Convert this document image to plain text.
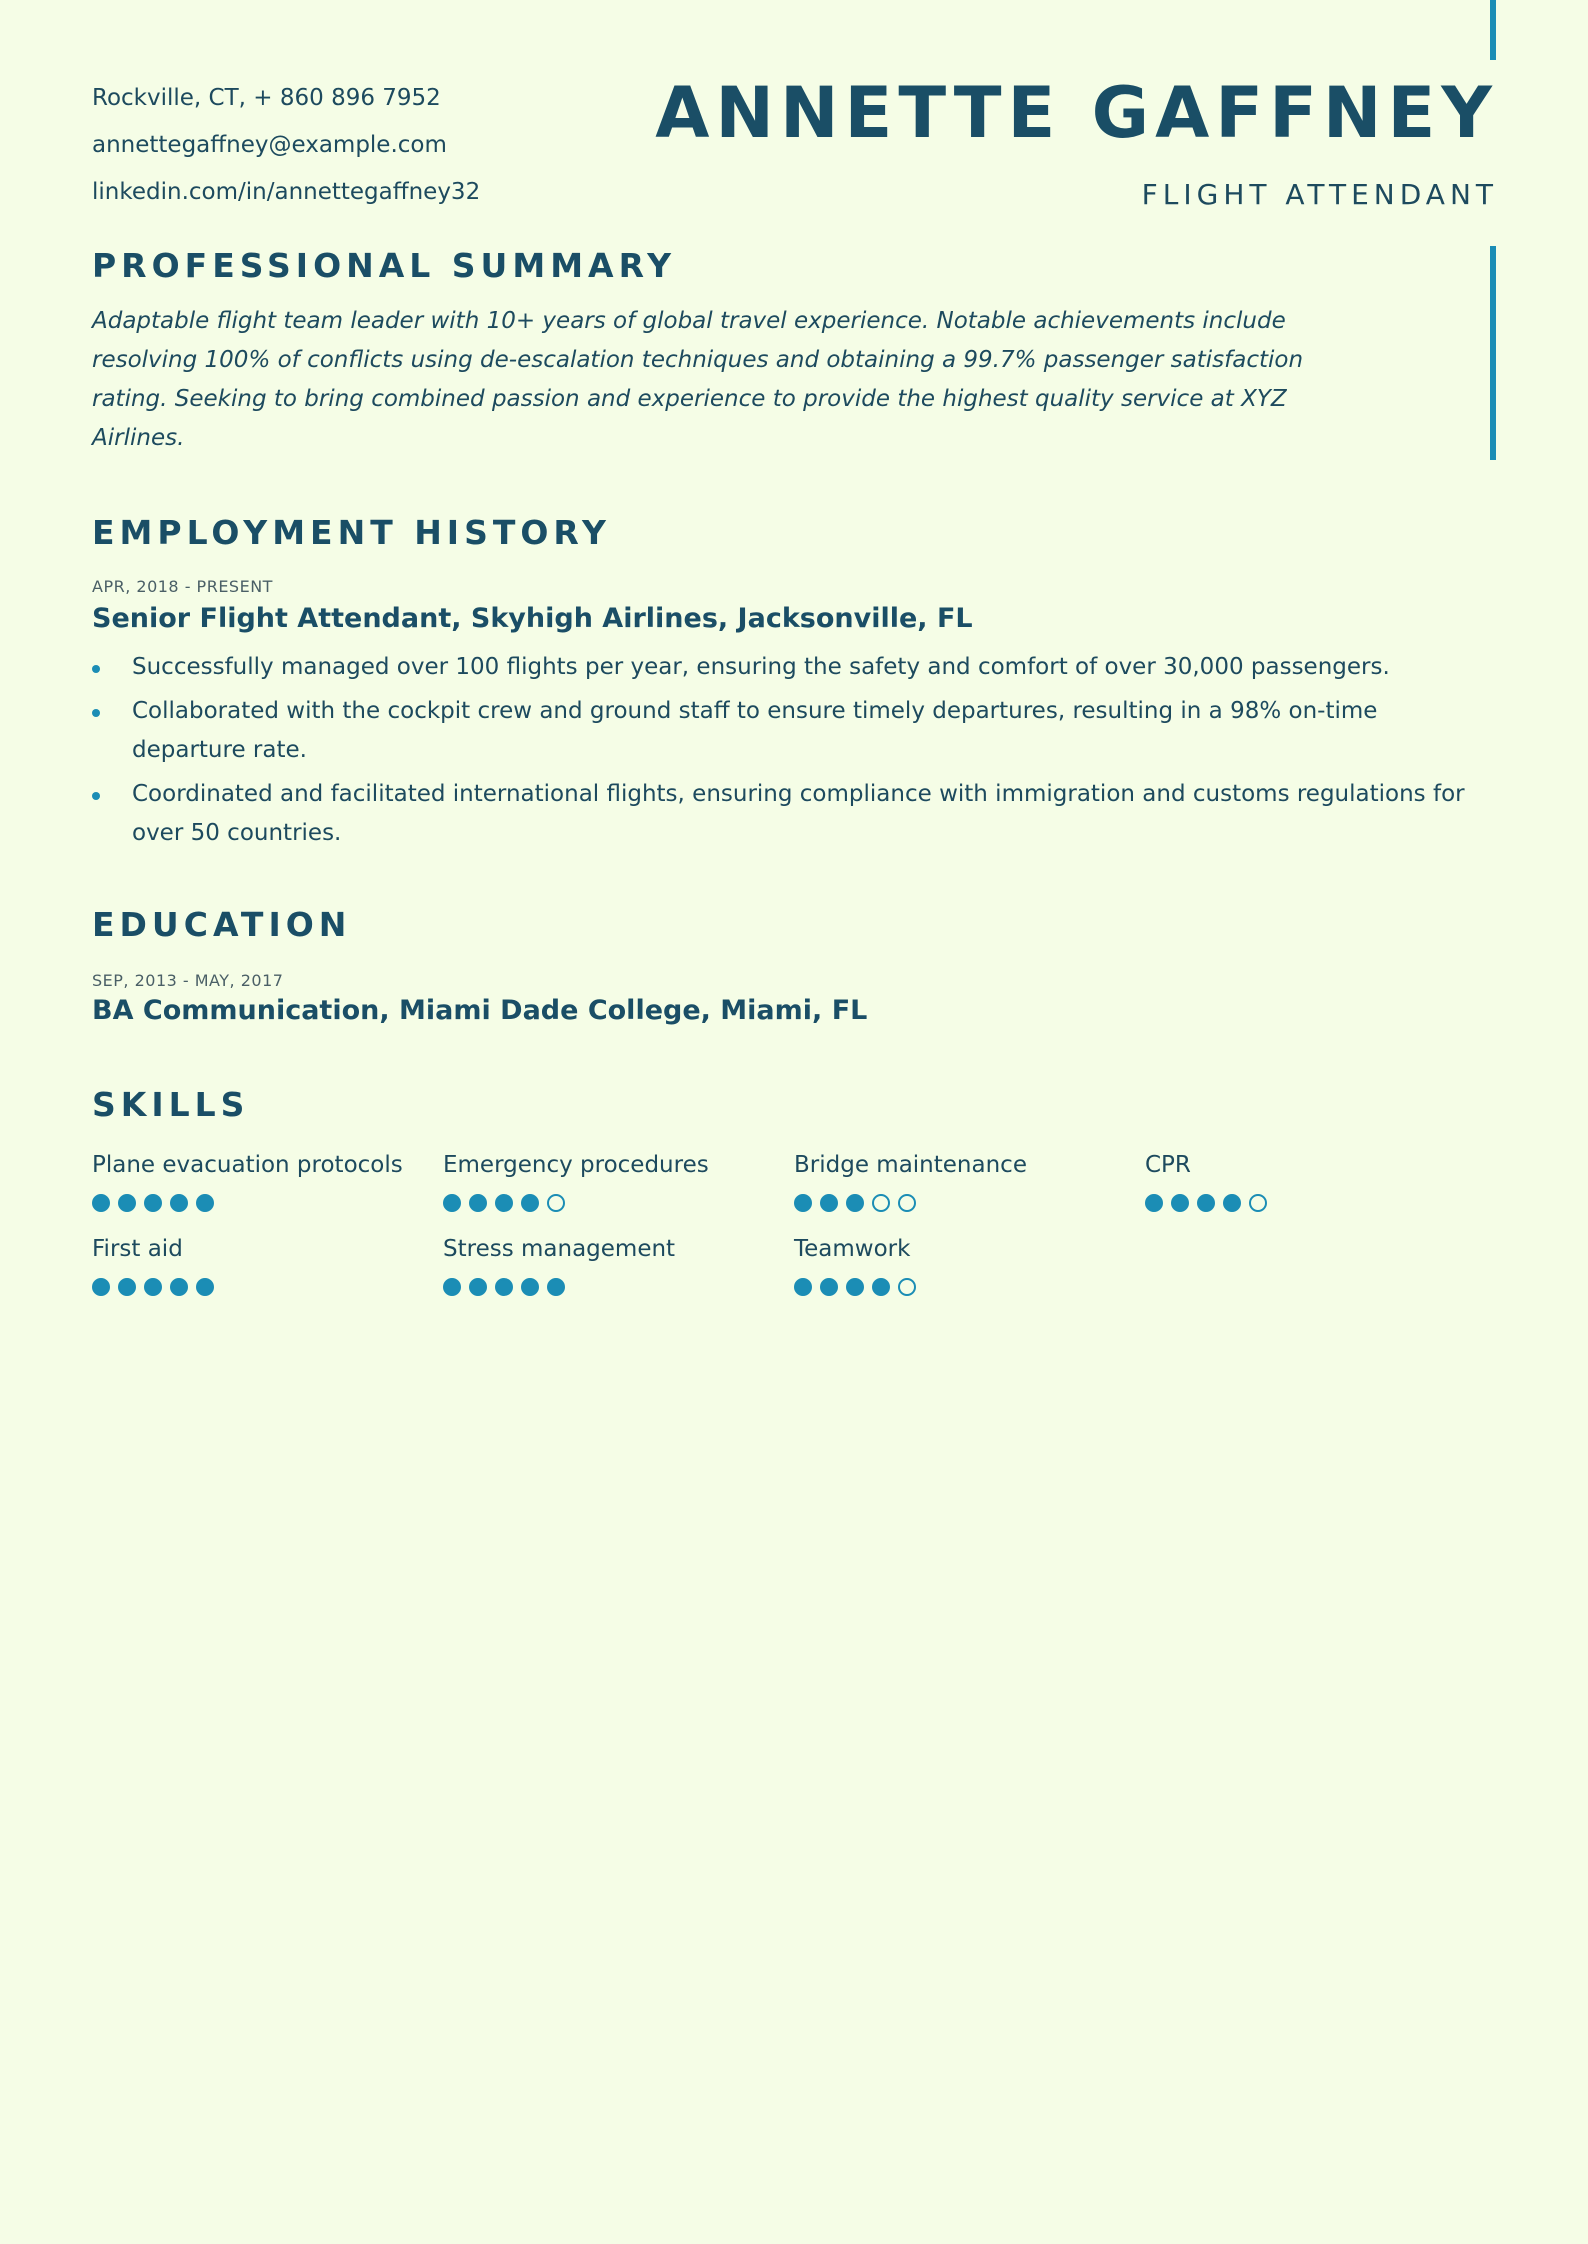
Rockville, CT, + 860 896 7952
annettegaffney@example.com
linkedin.com/in/annettegaffney32
ANNETTE GAFFNEY
FLIGHT ATTENDANT
PROFESSIONAL SUMMARY
Adaptable flight team leader with 10+ years of global travel experience. Notable achievements include resolving 100% of conflicts using de-escalation techniques and obtaining a 99.7% passenger satisfaction rating. Seeking to bring combined passion and experience to provide the highest quality service at XYZ Airlines.
EMPLOYMENT HISTORY
APR, 2018 - PRESENT
Senior Flight Attendant, Skyhigh Airlines, Jacksonville, FL
Successfully managed over 100 flights per year, ensuring the safety and comfort of over 30,000 passengers.
Collaborated with the cockpit crew and ground staff to ensure timely departures, resulting in a 98% on-time departure rate.
Coordinated and facilitated international flights, ensuring compliance with immigration and customs regulations for over 50 countries.
EDUCATION
SEP, 2013 - MAY, 2017
BA Communication, Miami Dade College, Miami, FL
SKILLS
Plane evacuation protocols	Emergency procedures	Bridge maintenance	CPR
First aid	Stress management	Teamwork
